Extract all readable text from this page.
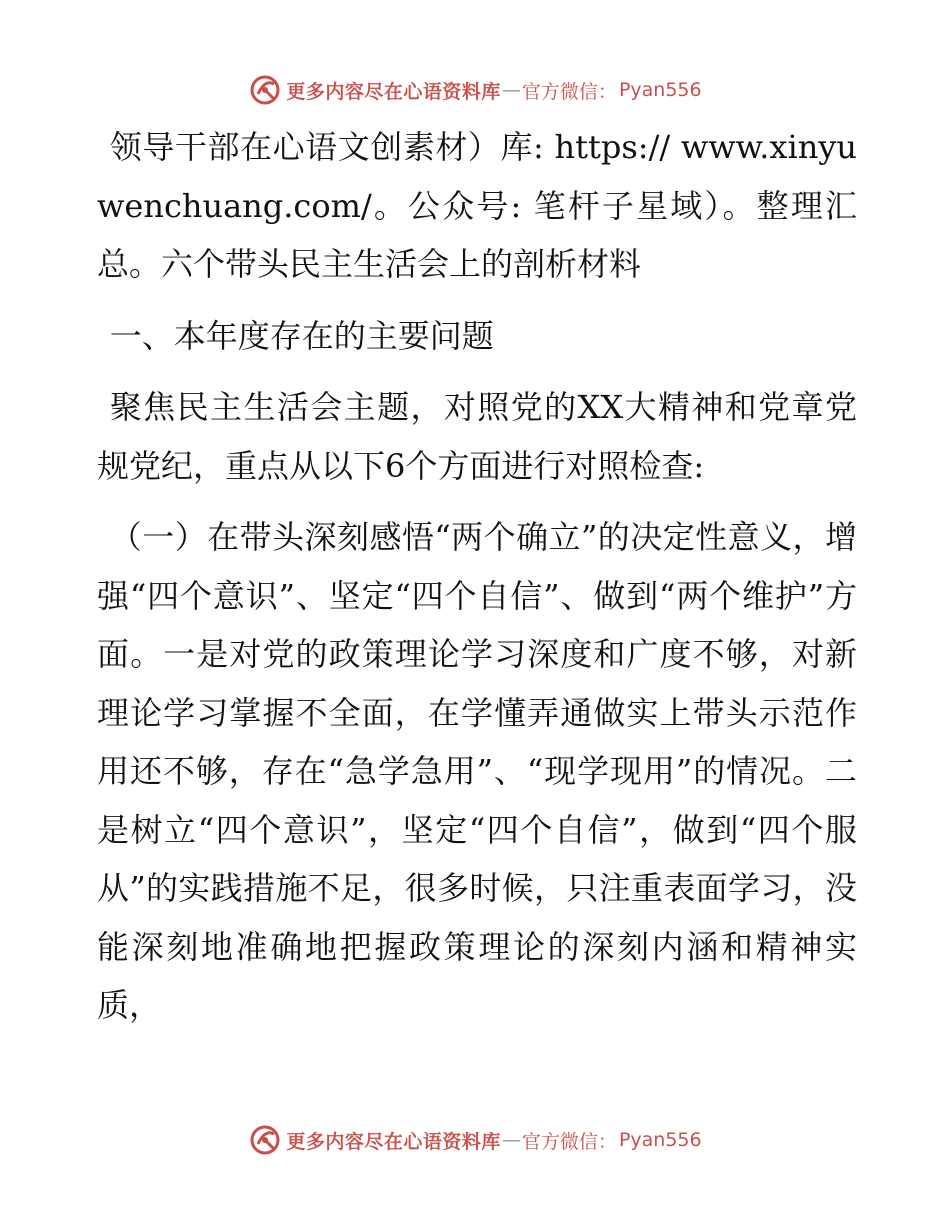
更多内容尽在心语资料库 — 官方微信： Pyan556

领导干部在心语文创素材）库: https:// www.xinyuwenchuang.com/。公众号: 笔杆子星域）。整理汇总。六个带头民主生活会上的剖析材料

一、本年度存在的主要问题

聚焦民主生活会主题，对照党的XX大精神和党章党规党纪，重点从以下6个方面进行对照检查:

（一）在带头深刻感悟“两个确立”的决定性意义，增强“四个意识”、坚定“四个自信”、做到“两个维护”方面。一是对党的政策理论学习深度和广度不够，对新理论学习掌握不全面，在学懂弄通做实上带头示范作用还不够，存在“急学急用”、“现学现用”的情况。二是树立“四个意识”，坚定“四个自信”，做到“四个服从”的实践措施不足，很多时候，只注重表面学习，没能深刻地准确地把握政策理论的深刻内涵和精神实质，

更多内容尽在心语资料库 — 官方微信： Pyan556
